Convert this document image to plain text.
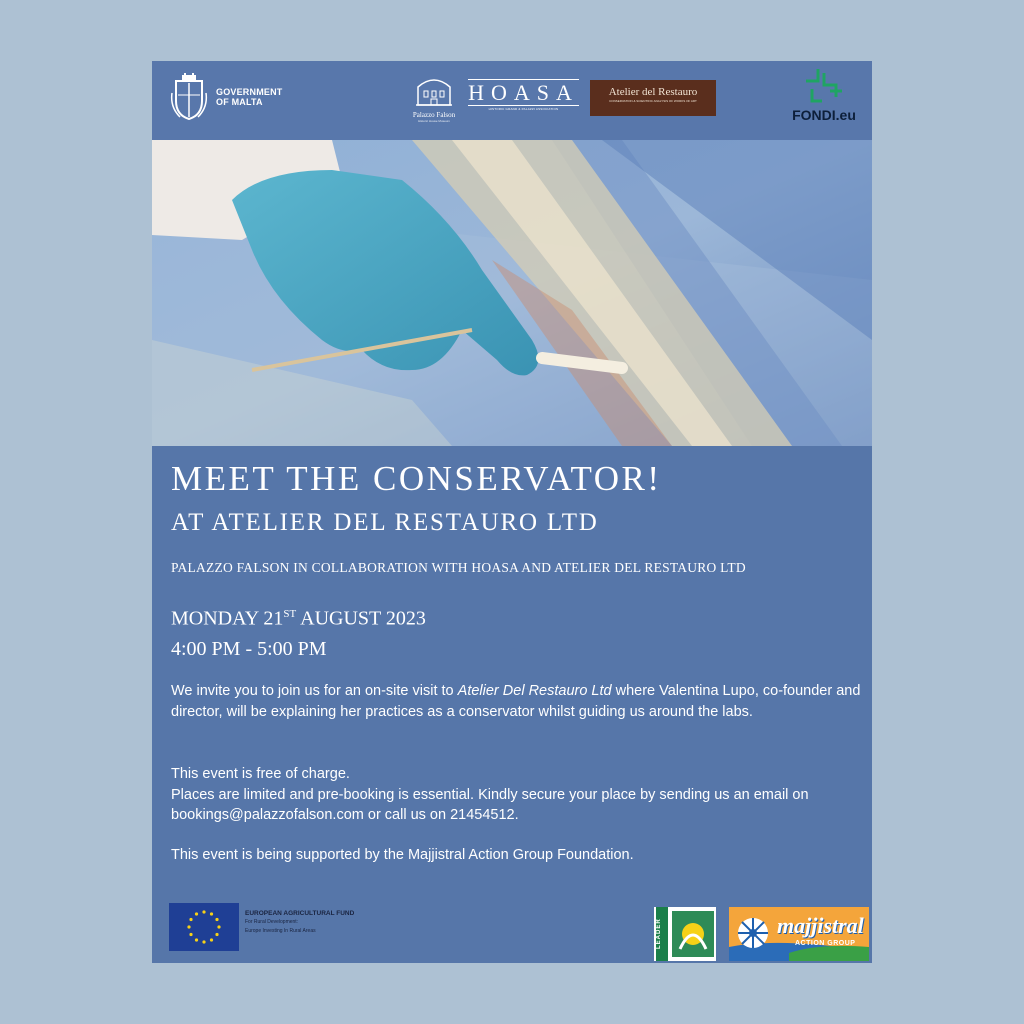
GOVERNMENT
OF MALTA
Palazzo Falson
Historic House Museum
HOASA
HISTORIC GRAND & PALAZZI ASSOCIATION
Atelier del Restauro
CONSERVATION & SCIENTIFIC ANALYSIS OF WORKS OF ART
FONDI.eu
MEET THE CONSERVATOR!
AT ATELIER DEL RESTAURO LTD

PALAZZO FALSON IN COLLABORATION WITH HOASA AND ATELIER DEL RESTAURO LTD

MONDAY 21ST AUGUST 2023

4:00 PM - 5:00 PM

We invite you to join us for an on-site visit to Atelier Del Restauro Ltd where Valentina Lupo, co-founder and director, will be explaining her practices as a conservator whilst guiding us around the labs.

This event is free of charge.
Places are limited and pre-booking is essential. Kindly secure your place by sending us an email on bookings@palazzofalson.com or call us on 21454512.

This event is being supported by the Majjistral Action Group Foundation.

EUROPEAN AGRICULTURAL FUND
For Rural Development:
Europe Investing In Rural Areas	LEADER	majjistral
ACTION GROUP
